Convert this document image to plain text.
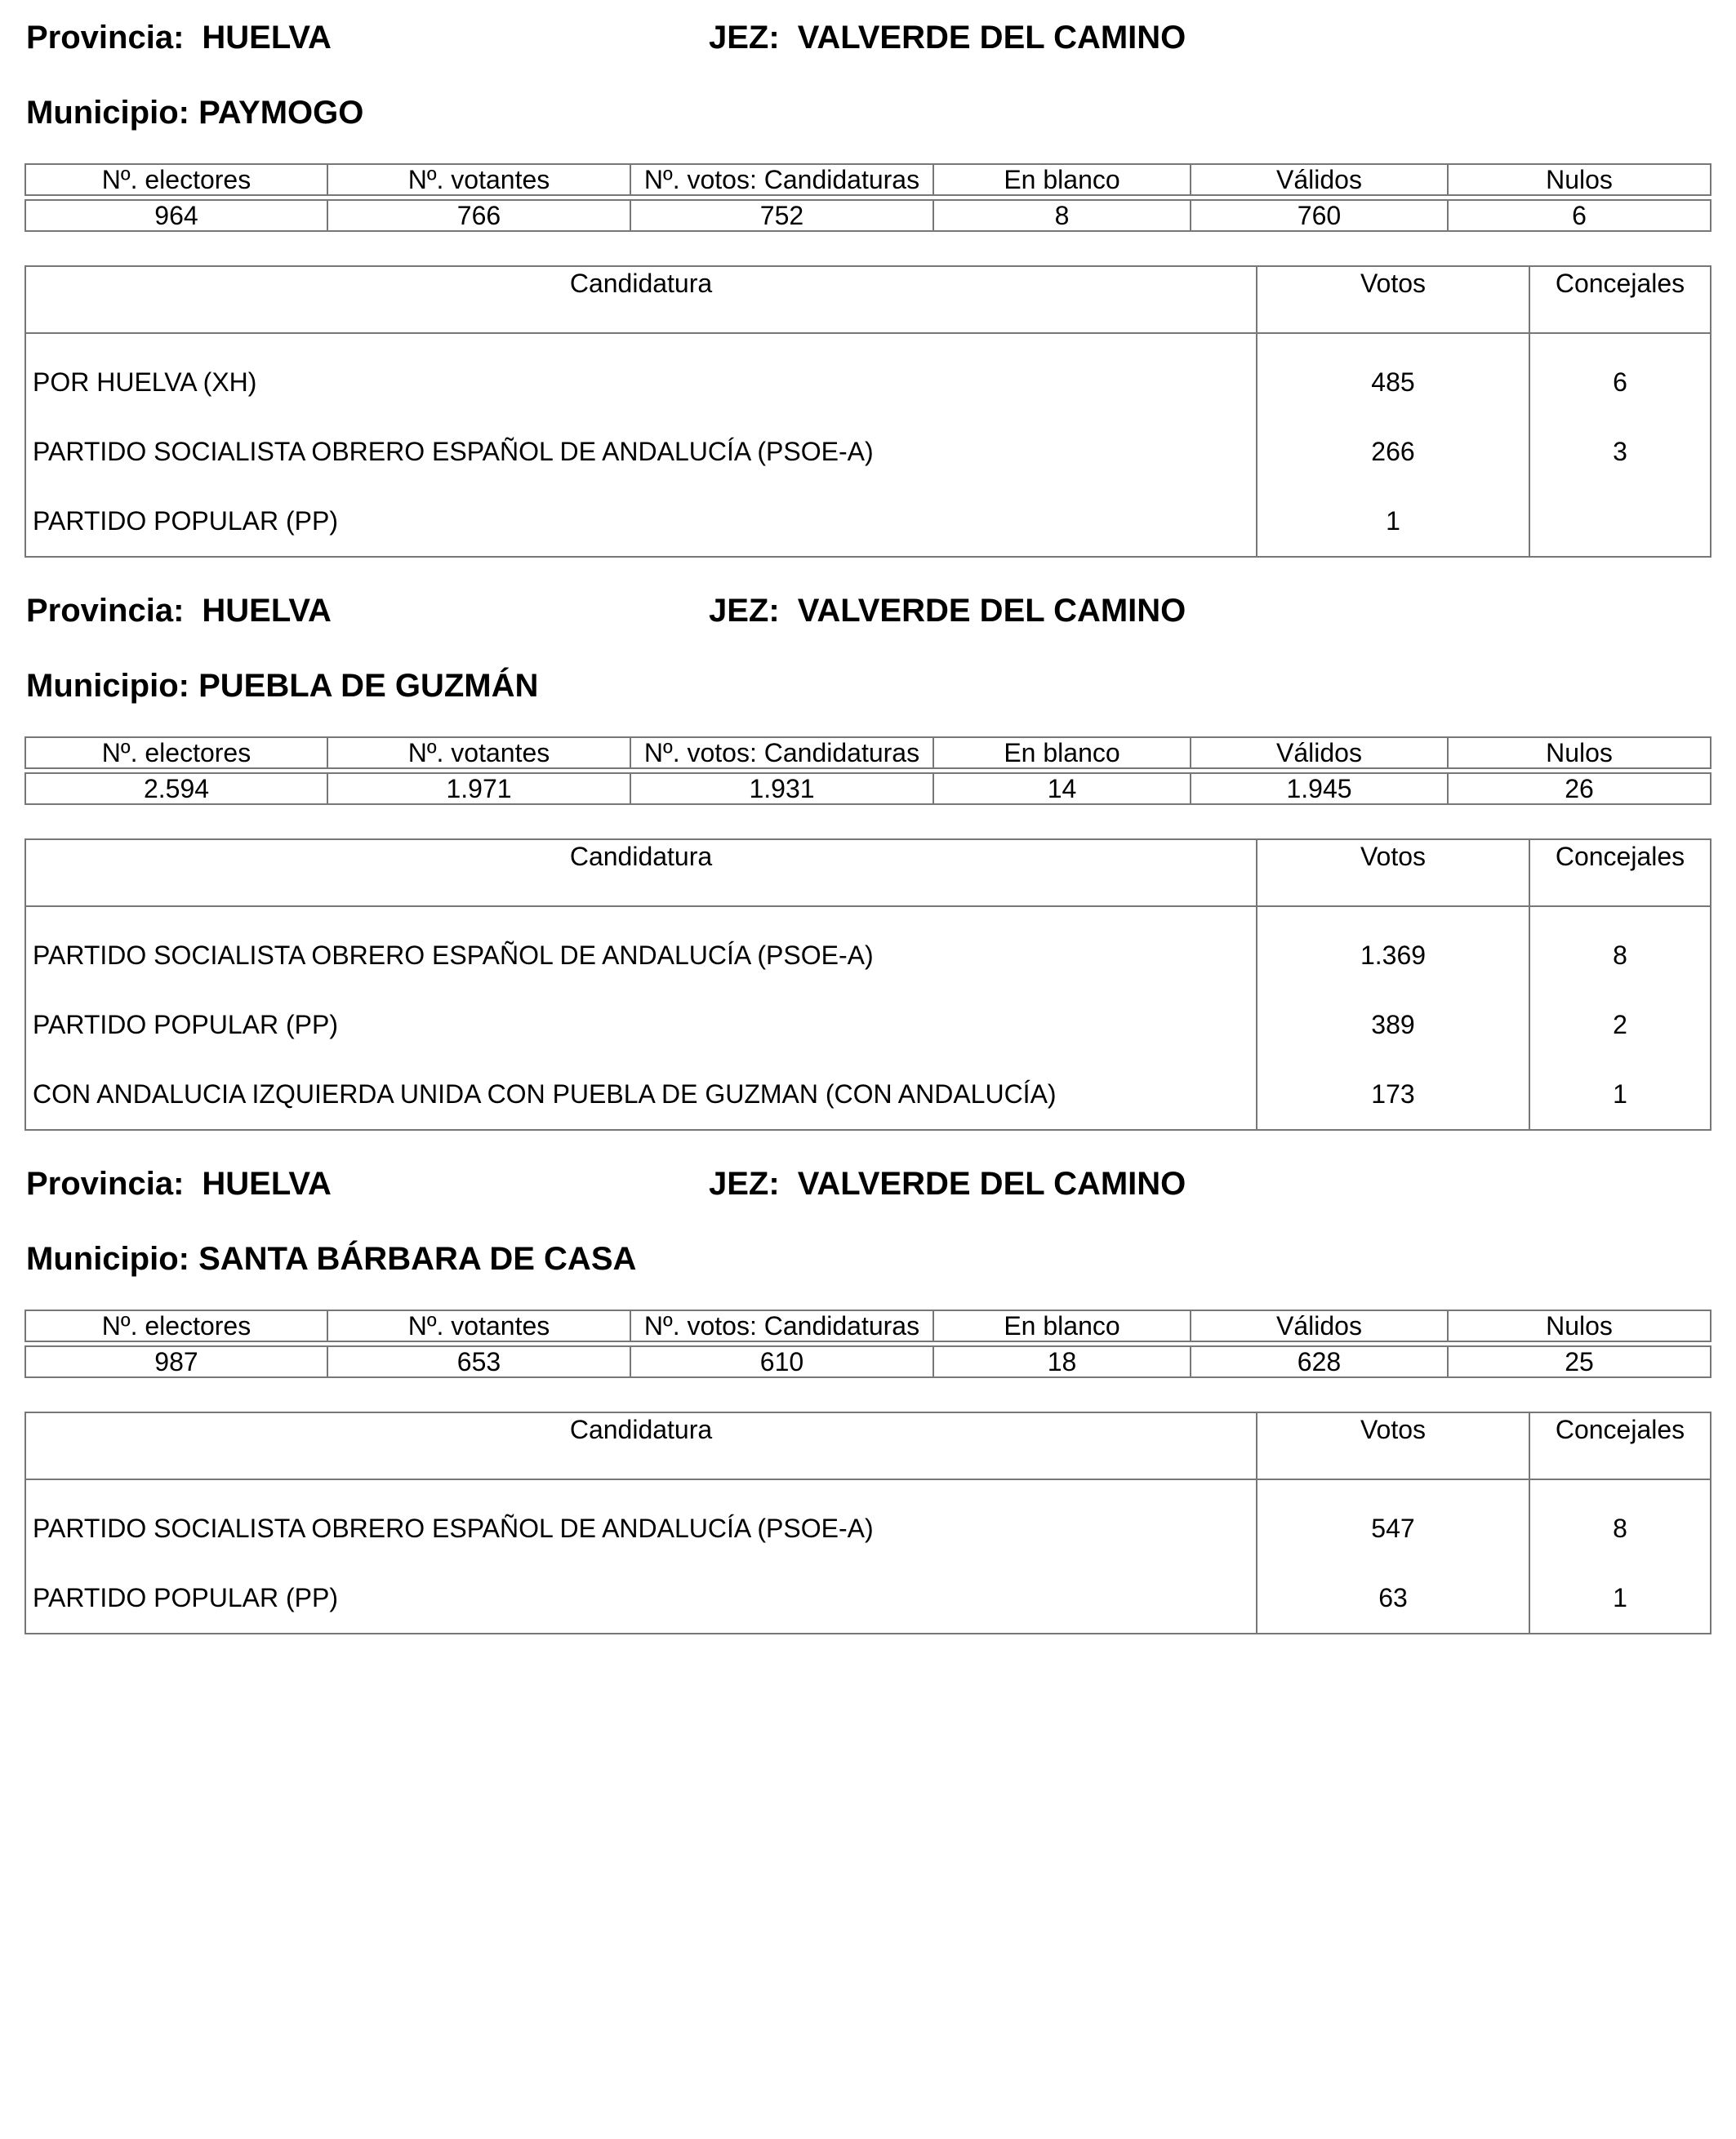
Provincia: HUELVA	JEZ: VALVERDE DEL CAMINO
Municipio: PAYMOGO
Nº. electores	Nº. votantes	Nº. votos: Candidaturas	En blanco	Válidos	Nulos

964	766	752	8	760	6
Candidatura	Votos	Concejales
POR HUELVA (XH)	485	6
PARTIDO SOCIALISTA OBRERO ESPAÑOL DE ANDALUCÍA (PSOE-A)	266	3
PARTIDO POPULAR (PP)	1
Provincia: HUELVA	JEZ: VALVERDE DEL CAMINO
Municipio: PUEBLA DE GUZMÁN
Nº. electores	Nº. votantes	Nº. votos: Candidaturas	En blanco	Válidos	Nulos

2.594	1.971	1.931	14	1.945	26
Candidatura	Votos	Concejales
PARTIDO SOCIALISTA OBRERO ESPAÑOL DE ANDALUCÍA (PSOE-A)	1.369	8
PARTIDO POPULAR (PP)	389	2
CON ANDALUCIA IZQUIERDA UNIDA CON PUEBLA DE GUZMAN (CON ANDALUCÍA)	173	1
Provincia: HUELVA	JEZ: VALVERDE DEL CAMINO
Municipio: SANTA BÁRBARA DE CASA
Nº. electores	Nº. votantes	Nº. votos: Candidaturas	En blanco	Válidos	Nulos

987	653	610	18	628	25
Candidatura	Votos	Concejales
PARTIDO SOCIALISTA OBRERO ESPAÑOL DE ANDALUCÍA (PSOE-A)	547	8
PARTIDO POPULAR (PP)	63	1
